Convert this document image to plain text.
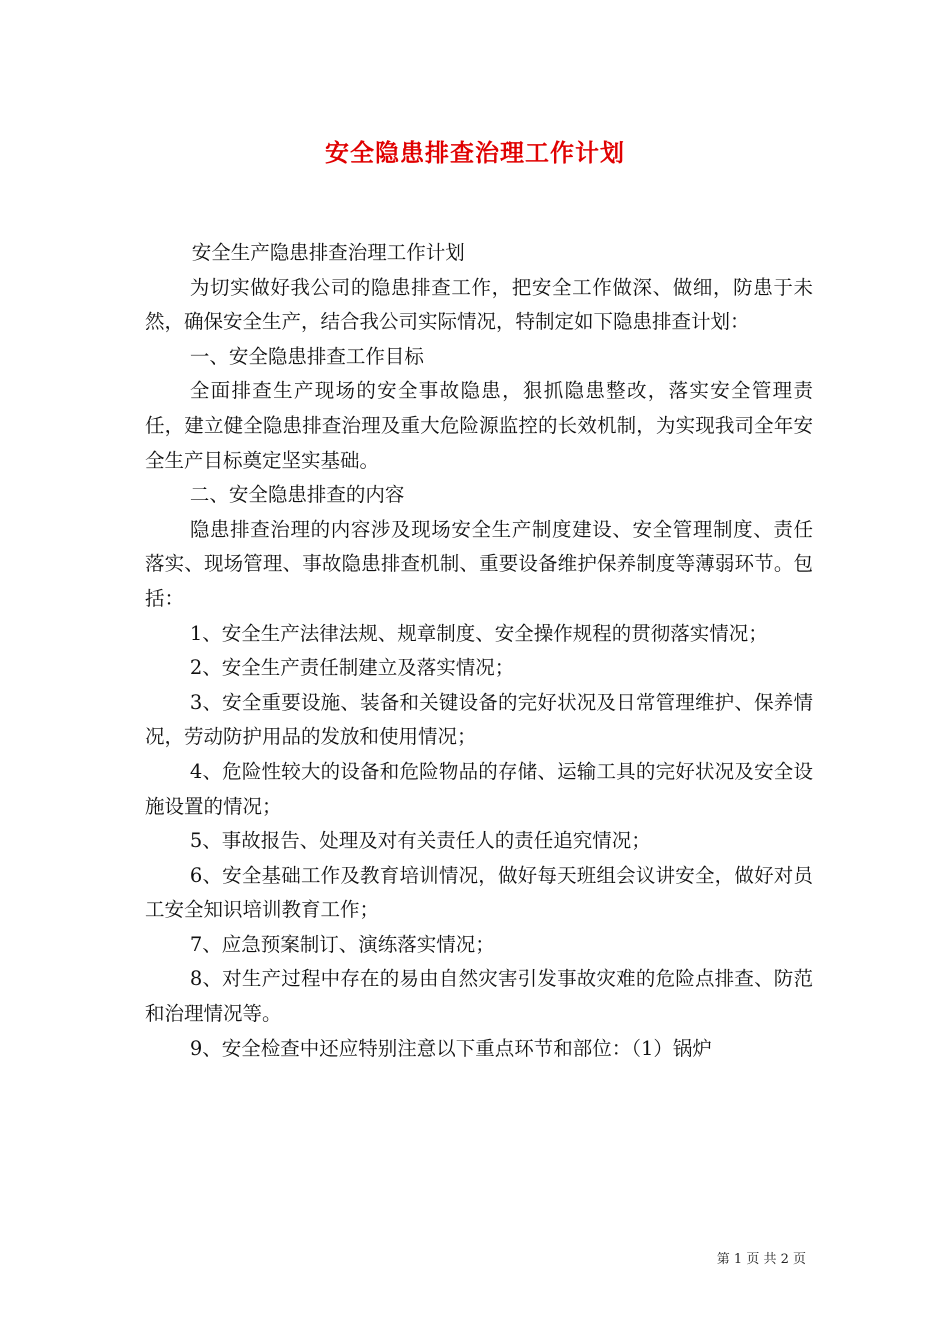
安全隐患排查治理工作计划

安全生产隐患排查治理工作计划

为切实做好我公司的隐患排查工作，把安全工作做深、做细，防患于未然，确保安全生产，结合我公司实际情况，特制定如下隐患排查计划：

一、安全隐患排查工作目标

全面排查生产现场的安全事故隐患，狠抓隐患整改，落实安全管理责任，建立健全隐患排查治理及重大危险源监控的长效机制，为实现我司全年安全生产目标奠定坚实基础。

二、安全隐患排查的内容

隐患排查治理的内容涉及现场安全生产制度建设、安全管理制度、责任落实、现场管理、事故隐患排查机制、重要设备维护保养制度等薄弱环节。包括：

1、安全生产法律法规、规章制度、安全操作规程的贯彻落实情况；

2、安全生产责任制建立及落实情况；

3、安全重要设施、装备和关键设备的完好状况及日常管理维护、保养情况，劳动防护用品的发放和使用情况；

4、危险性较大的设备和危险物品的存储、运输工具的完好状况及安全设施设置的情况；

5、事故报告、处理及对有关责任人的责任追究情况；

6、安全基础工作及教育培训情况，做好每天班组会议讲安全，做好对员工安全知识培训教育工作；

7、应急预案制订、演练落实情况；

8、对生产过程中存在的易由自然灾害引发事故灾难的危险点排查、防范和治理情况等。

9、安全检查中还应特别注意以下重点环节和部位：（1）锅炉

第 1 页 共 2 页
